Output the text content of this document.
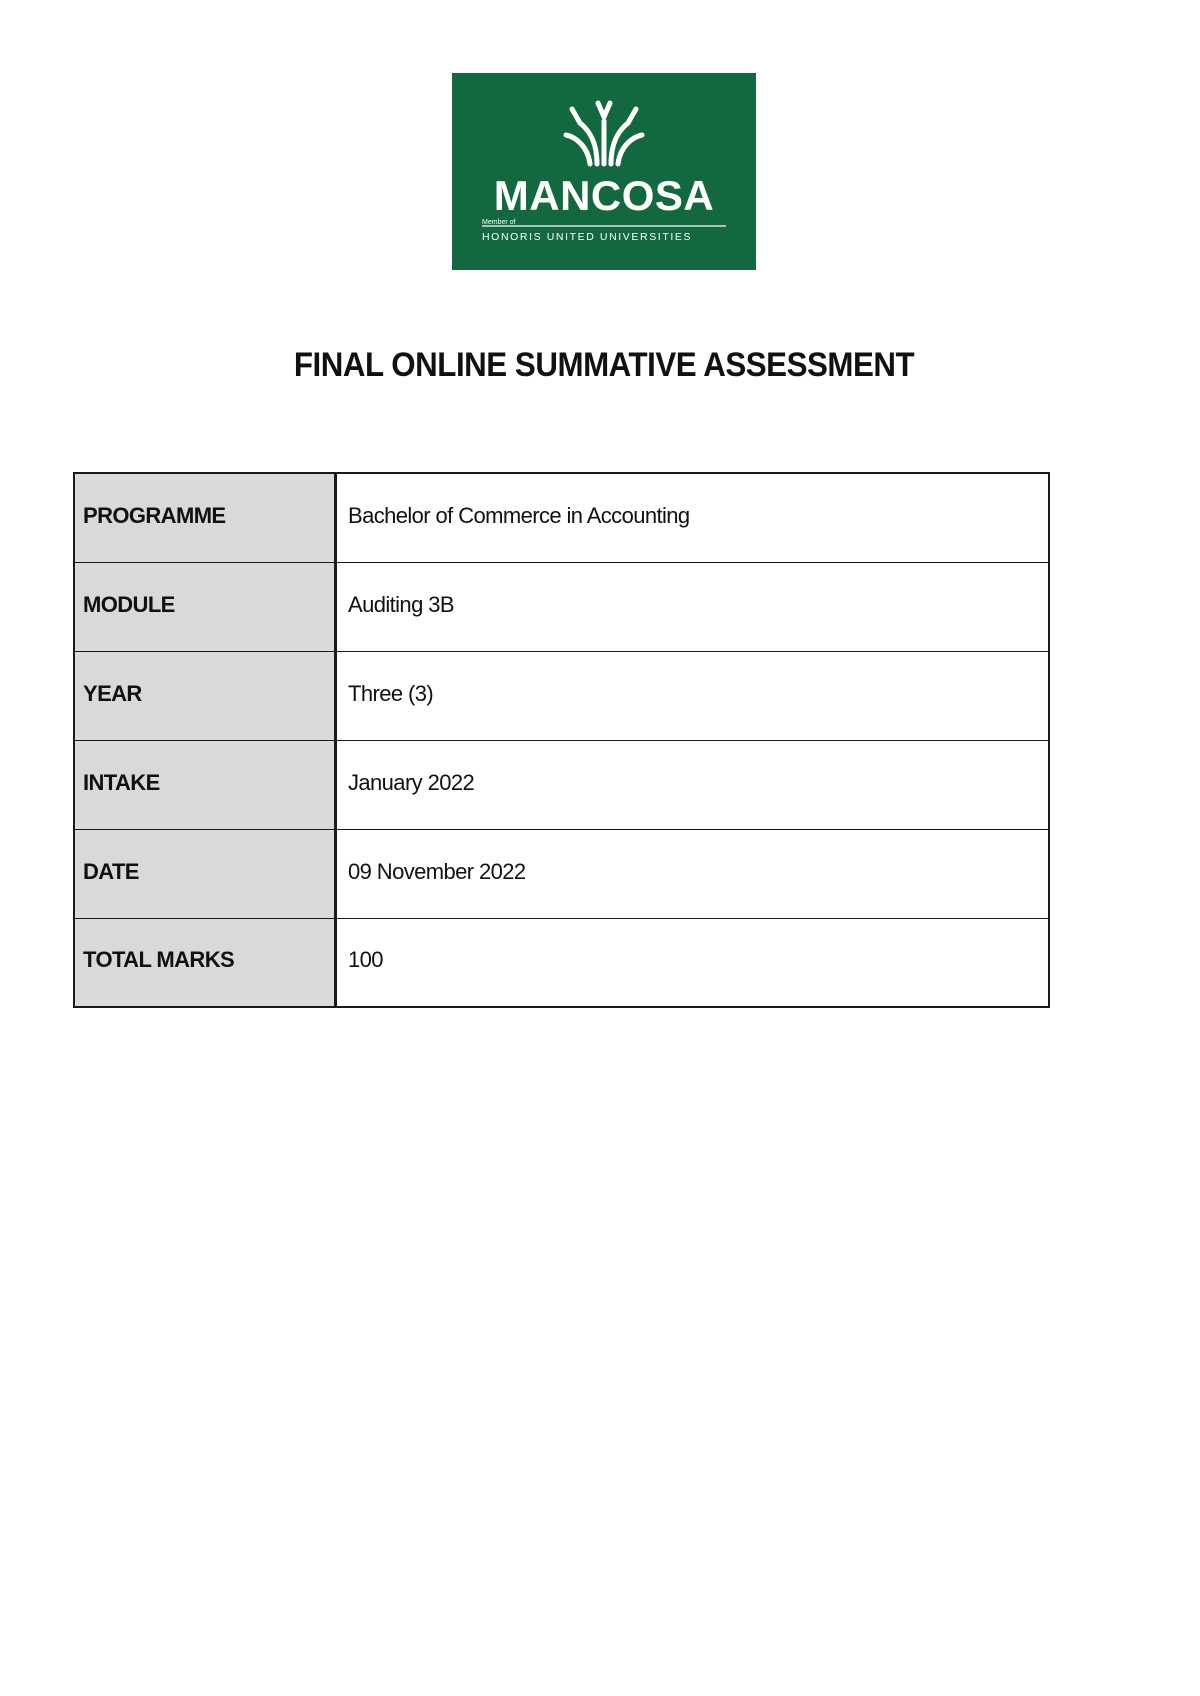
MANCOSA
Member of
HONORIS UNITED UNIVERSITIES
FINAL ONLINE SUMMATIVE ASSESSMENT
PROGRAMME	Bachelor of Commerce in Accounting
MODULE	Auditing 3B
YEAR	Three (3)
INTAKE	January 2022
DATE	09 November 2022
TOTAL MARKS	100
